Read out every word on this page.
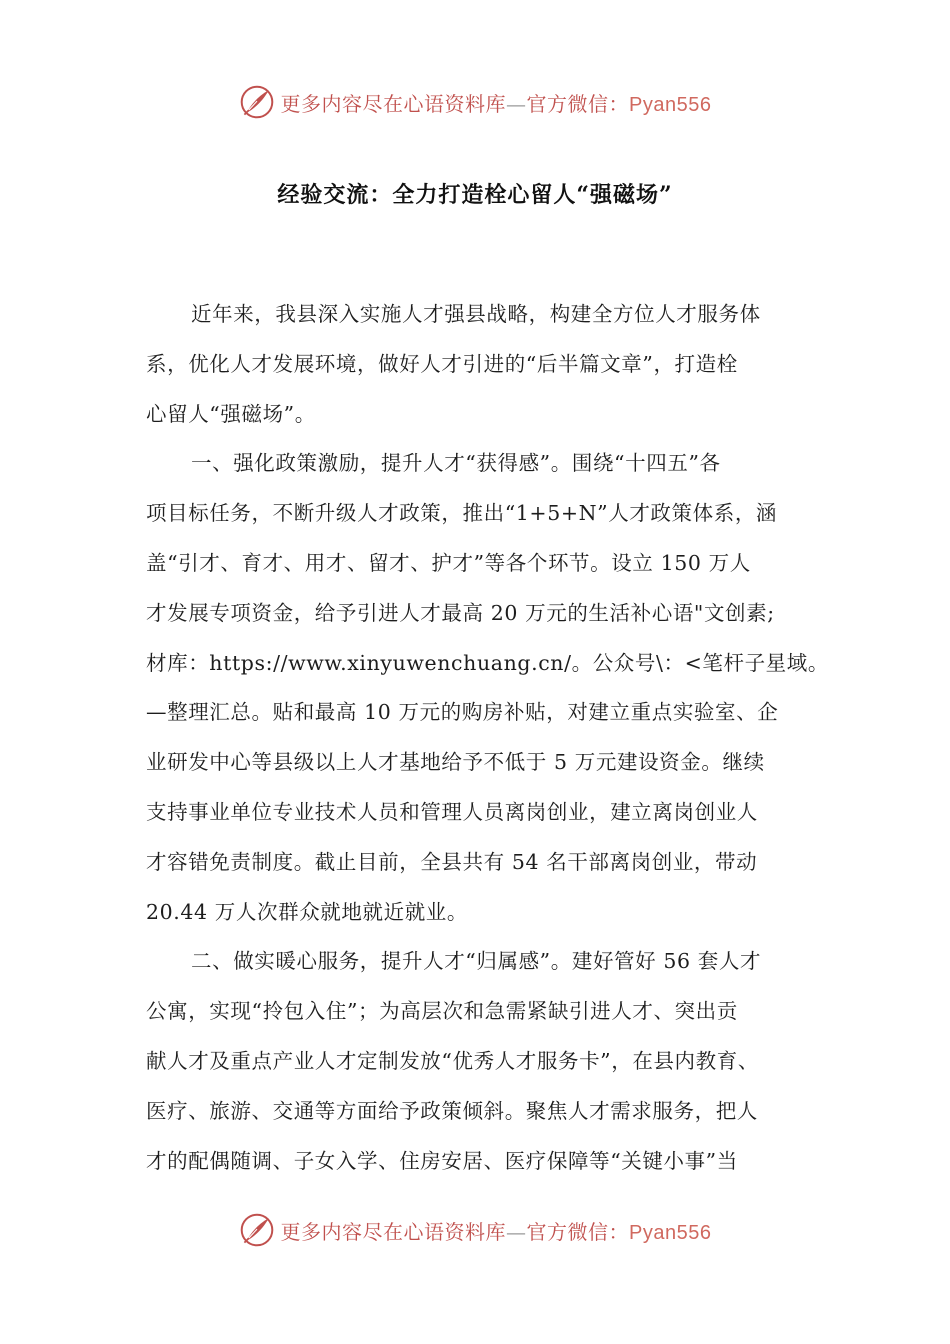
更多内容尽在心语资料库—官方微信：Pyan556
经验交流：全力打造栓心留人“强磁场”
近年来，我县深入实施人才强县战略，构建全方位人才服务体
系，优化人才发展环境，做好人才引进的“后半篇文章”，打造栓
心留人“强磁场”。
一、强化政策激励，提升人才“获得感”。围绕“十四五”各
项目标任务，不断升级人才政策，推出“1+5+N”人才政策体系，涵
盖“引才、育才、用才、留才、护才”等各个环节。设立 150 万人
才发展专项资金，给予引进人才最高 20 万元的生活补心语"文创素;
材库：https://www.xinyuwenchuang.cn/。公众号\：<笔杆子星域。
—整理汇总。贴和最高 10 万元的购房补贴，对建立重点实验室、企
业研发中心等县级以上人才基地给予不低于 5 万元建设资金。继续
支持事业单位专业技术人员和管理人员离岗创业，建立离岗创业人
才容错免责制度。截止目前，全县共有 54 名干部离岗创业，带动
20.44 万人次群众就地就近就业。
二、做实暖心服务，提升人才“归属感”。建好管好 56 套人才
公寓，实现“拎包入住”；为高层次和急需紧缺引进人才、突出贡
献人才及重点产业人才定制发放“优秀人才服务卡”，在县内教育、
医疗、旅游、交通等方面给予政策倾斜。聚焦人才需求服务，把人
才的配偶随调、子女入学、住房安居、医疗保障等“关键小事”当
更多内容尽在心语资料库—官方微信：Pyan556
